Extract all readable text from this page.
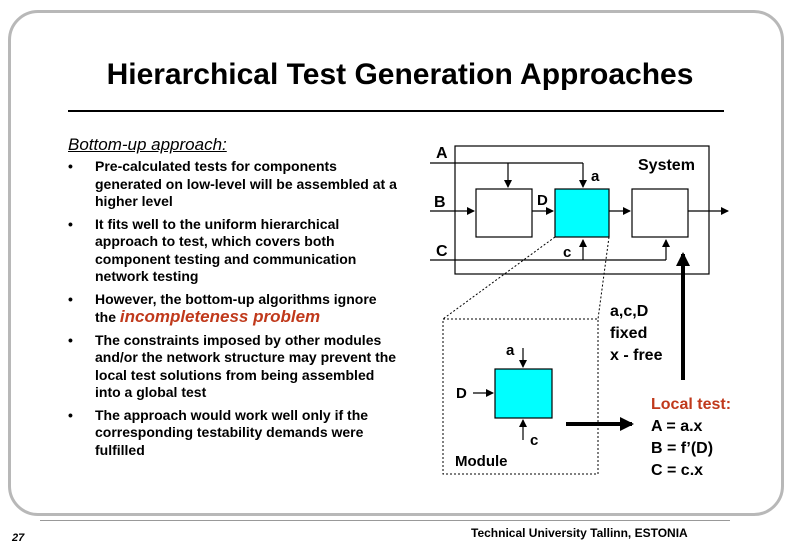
Hierarchical Test Generation Approaches
Bottom-up approach:
• Pre-calculated tests for components generated on low-level will be assembled at a higher level
• It fits well to the uniform hierarchical approach to test, which covers both component testing and communication network testing
• However, the bottom-up algorithms ignore the incompleteness problem
• The constraints imposed by other modules and/or the network structure may prevent the local test solutions from being assembled into a global test
• The approach would work well only if the corresponding testability demands were fulfilled
System
A
B
C
a
D
c
a
D
c
Module
a,c,D
fixed
x - free
Local test:
A = a.x
B = f’(D)
C = c.x
27	Technical University Tallinn, ESTONIA
